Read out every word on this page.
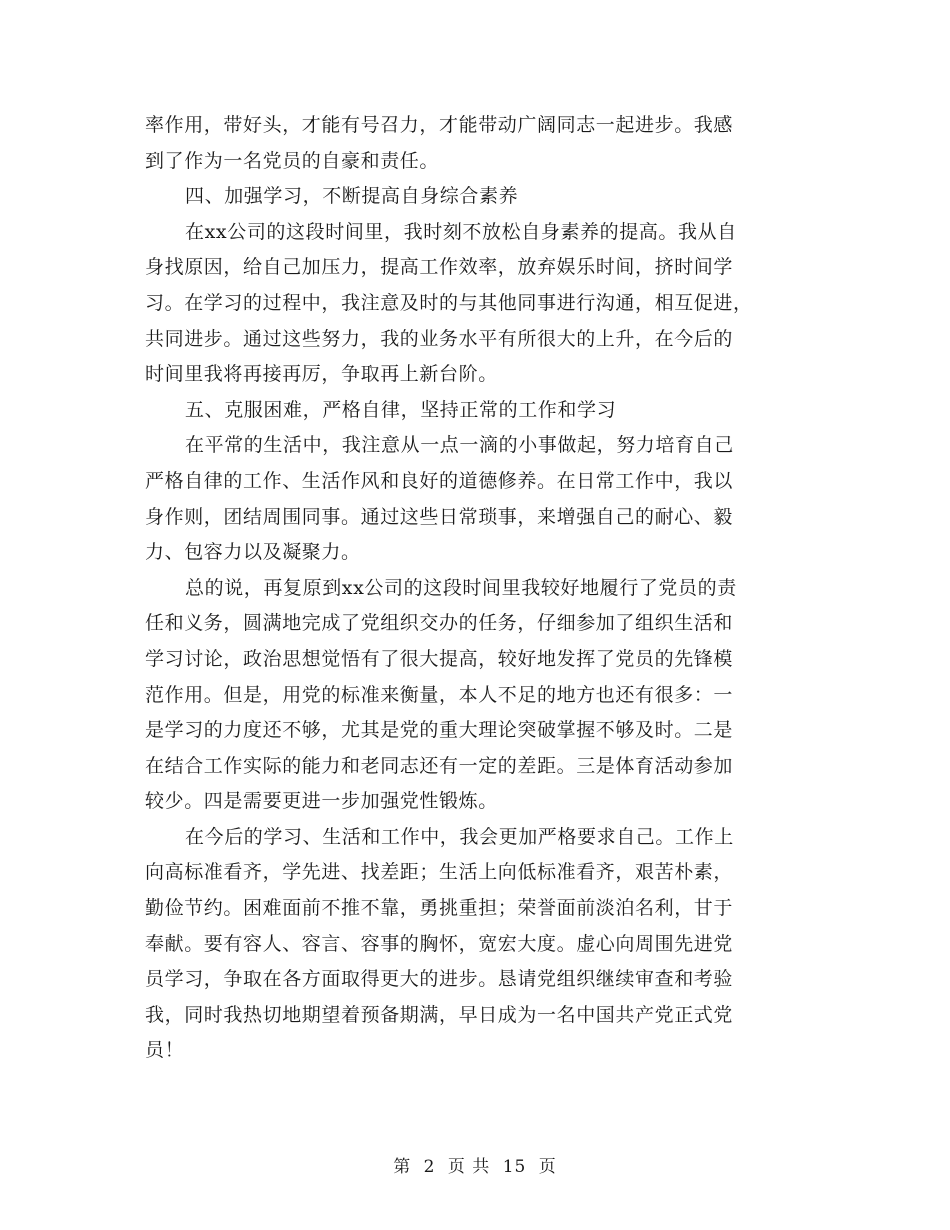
率作用，带好头，才能有号召力，才能带动广阔同志一起进步。我感
到了作为一名党员的自豪和责任。
四、加强学习，不断提高自身综合素养
在xx公司的这段时间里，我时刻不放松自身素养的提高。我从自
身找原因，给自己加压力，提高工作效率，放弃娱乐时间，挤时间学
习。在学习的过程中，我注意及时的与其他同事进行沟通，相互促进，
共同进步。通过这些努力，我的业务水平有所很大的上升，在今后的
时间里我将再接再厉，争取再上新台阶。
五、克服困难，严格自律，坚持正常的工作和学习
在平常的生活中，我注意从一点一滴的小事做起，努力培育自己
严格自律的工作、生活作风和良好的道德修养。在日常工作中，我以
身作则，团结周围同事。通过这些日常琐事，来增强自己的耐心、毅
力、包容力以及凝聚力。
总的说，再复原到xx公司的这段时间里我较好地履行了党员的责
任和义务，圆满地完成了党组织交办的任务，仔细参加了组织生活和
学习讨论，政治思想觉悟有了很大提高，较好地发挥了党员的先锋模
范作用。但是，用党的标准来衡量，本人不足的地方也还有很多：一
是学习的力度还不够，尤其是党的重大理论突破掌握不够及时。二是
在结合工作实际的能力和老同志还有一定的差距。三是体育活动参加
较少。四是需要更进一步加强党性锻炼。
在今后的学习、生活和工作中，我会更加严格要求自己。工作上
向高标准看齐，学先进、找差距；生活上向低标准看齐，艰苦朴素，
勤俭节约。困难面前不推不靠，勇挑重担；荣誉面前淡泊名利，甘于
奉献。要有容人、容言、容事的胸怀，宽宏大度。虚心向周围先进党
员学习，争取在各方面取得更大的进步。恳请党组织继续审查和考验
我，同时我热切地期望着预备期满，早日成为一名中国共产党正式党
员！
第 2 页 共 15 页
